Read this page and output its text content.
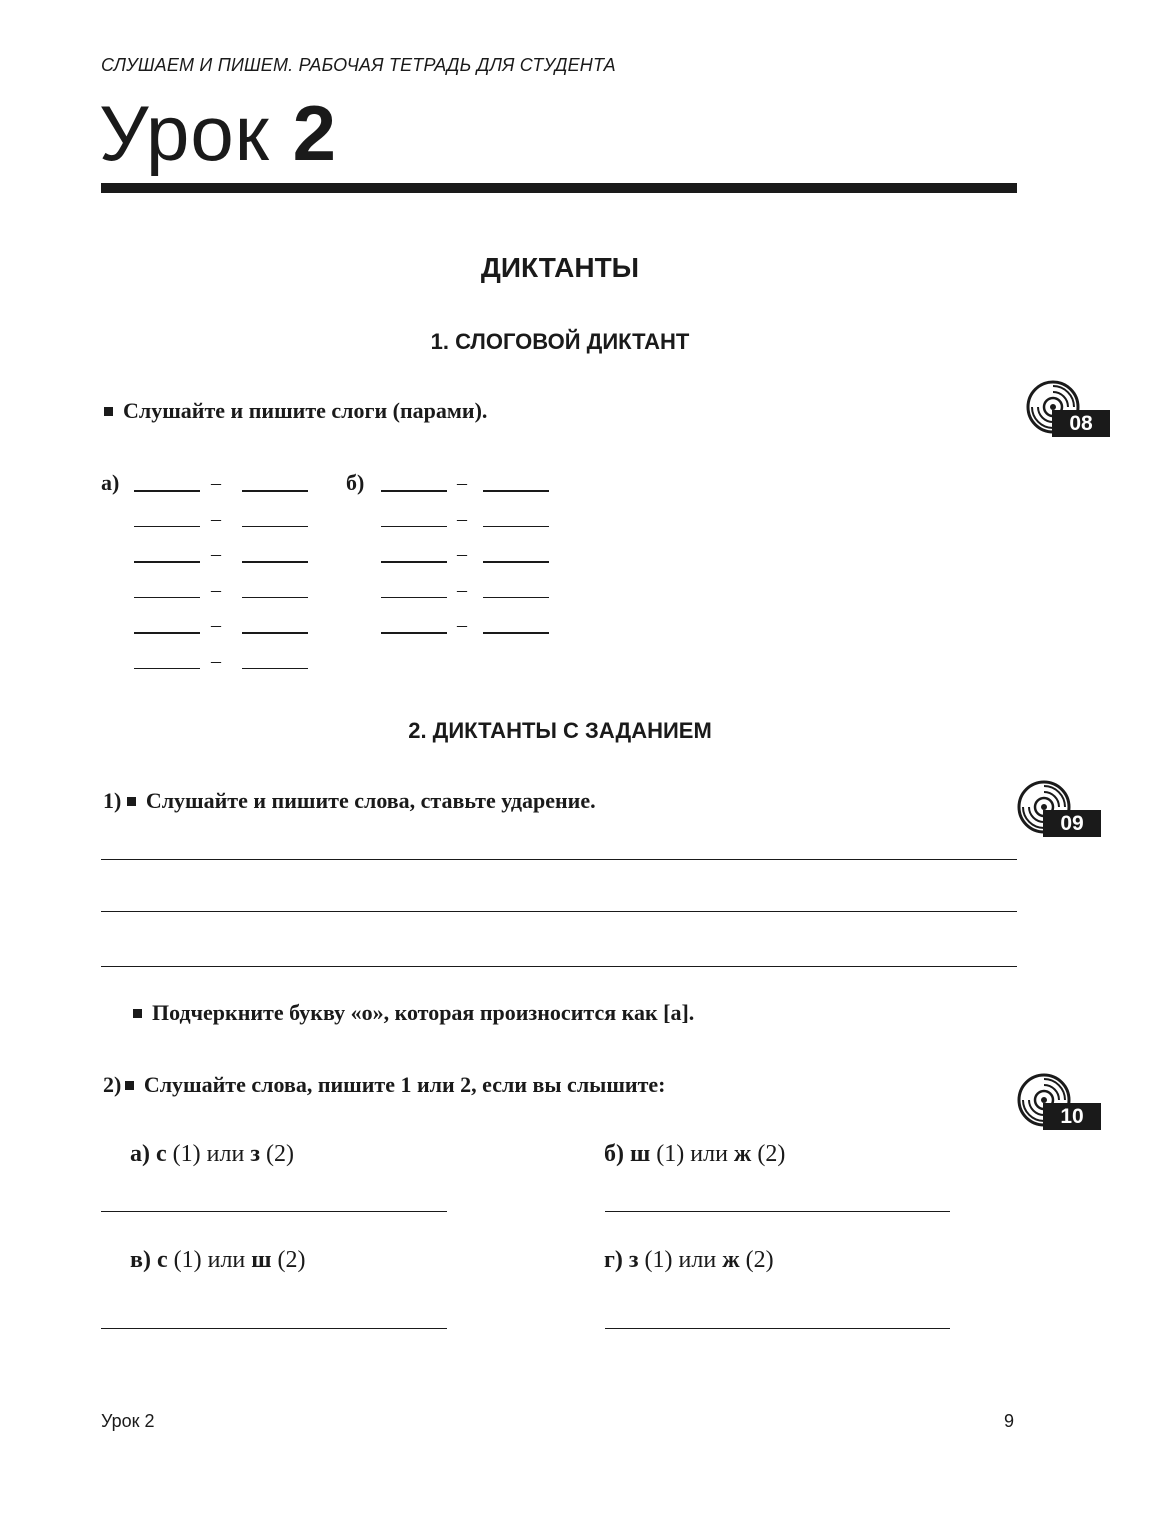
СЛУШАЕМ И ПИШЕМ. РАБОЧАЯ ТЕТРАДЬ ДЛЯ СТУДЕНТА
Урок 2
ДИКТАНТЫ
1. СЛОГОВОЙ ДИКТАНТ
Слушайте и пишите слоги (парами).
08
а)	–
–
–
–
–
–
б)	–
–
–
–
–
2. ДИКТАНТЫ С ЗАДАНИЕМ
1) Слушайте и пишите слова, ставьте ударение.
09
Подчеркните букву «о», которая произносится как [а].
2) Слушайте слова, пишите 1 или 2, если вы слышите:
10
а) с (1) или з (2)	б) ш (1) или ж (2)
в) с (1) или ш (2)	г) з (1) или ж (2)
Урок 2	9
